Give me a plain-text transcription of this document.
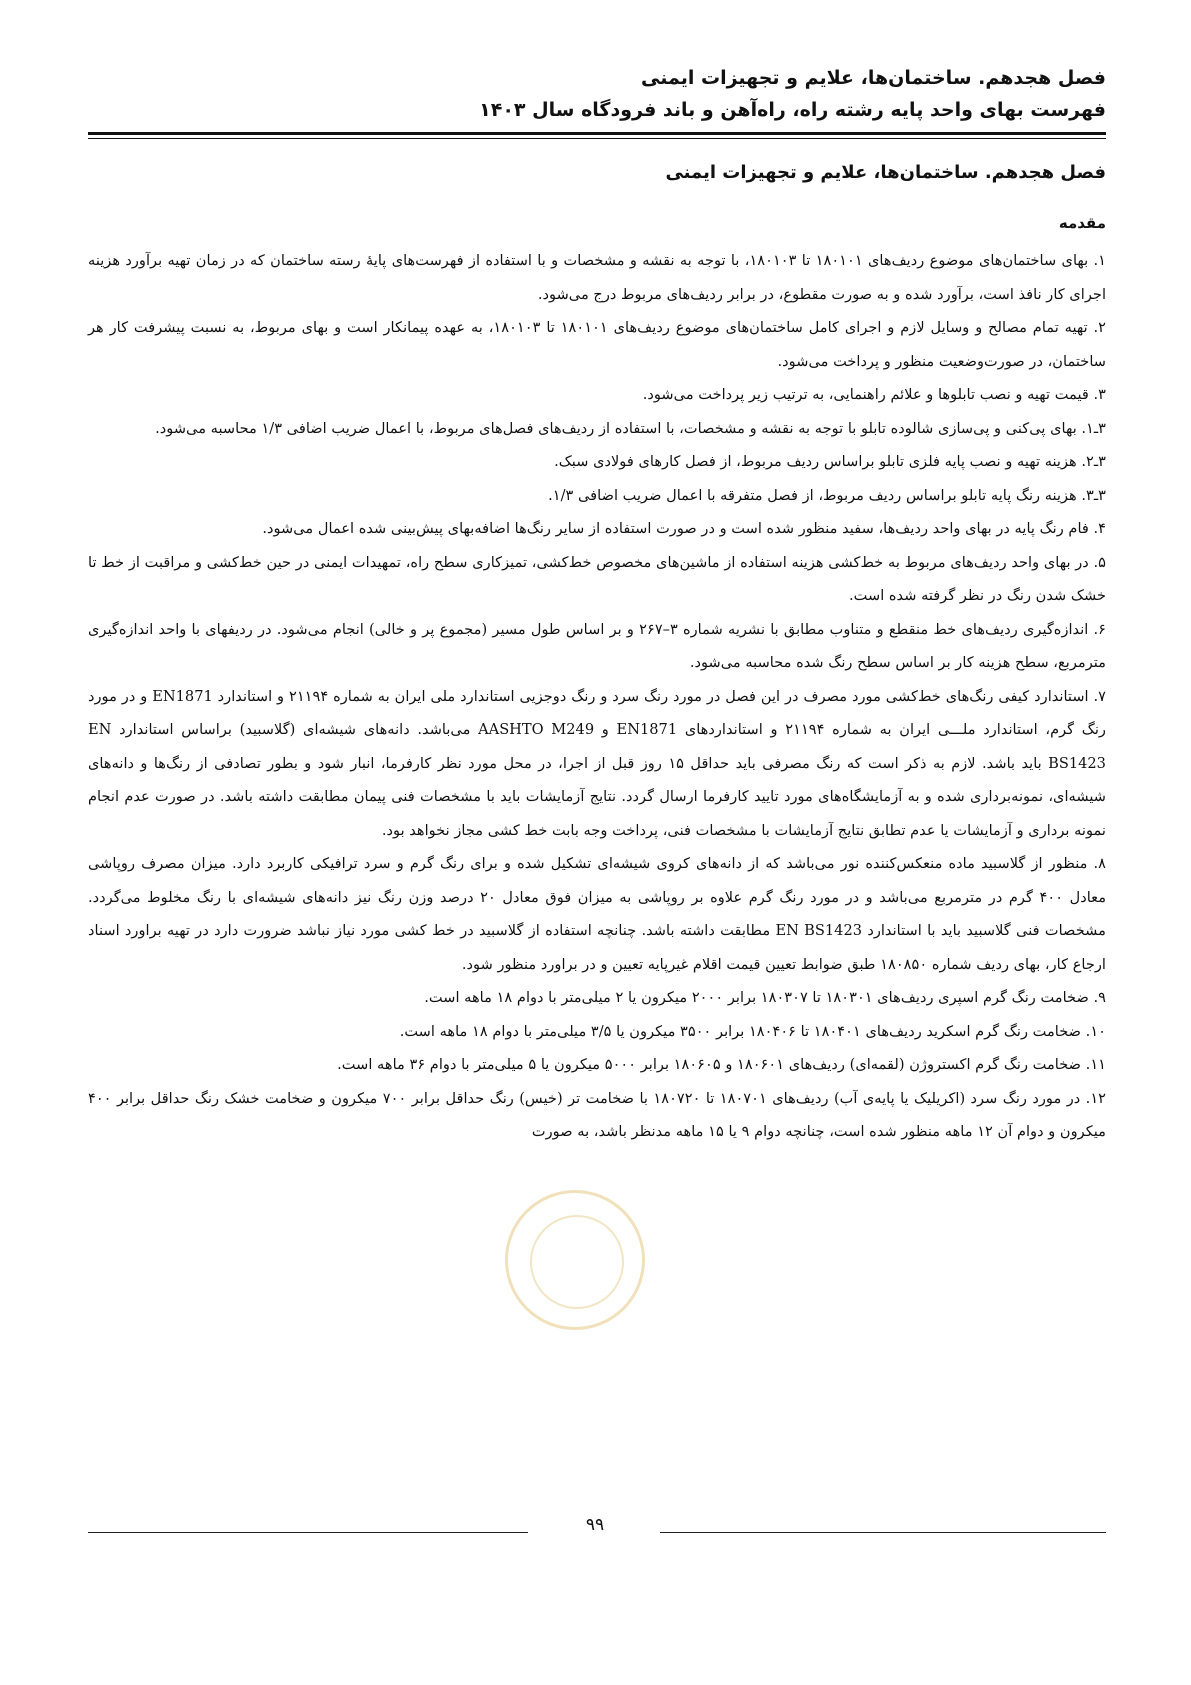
فصل هجدهم. ساختمان‌ها، علایم و تجهیزات ایمنی
فهرست بهای واحد پایه رشته راه، راه‌آهن و باند فرودگاه سال ۱۴۰۳
فصل هجدهم. ساختمان‌ها، علایم و تجهیزات ایمنی
مقدمه

۱. بهای ساختمان‌های موضوع ردیف‌های ۱۸۰۱۰۱ تا ۱۸۰۱۰۳، با توجه به نقشه و مشخصات و با استفاده از فهرست‌های پایهٔ رسته ساختمان که در زمان تهیه برآورد هزینه اجرای کار نافذ است، برآورد شده و به صورت مقطوع، در برابر ردیف‌های مربوط درج می‌شود.

۲. تهیه تمام مصالح و وسایل لازم و اجرای کامل ساختمان‌های موضوع ردیف‌های ۱۸۰۱۰۱ تا ۱۸۰۱۰۳، به عهده پیمانکار است و بهای مربوط، به نسبت پیشرفت کار هر ساختمان، در صورت‌وضعیت منظور و پرداخت می‌شود.

۳. قیمت تهیه و نصب تابلوها و علائم راهنمایی، به ترتیب زیر پرداخت می‌شود.

۳ـ۱. بهای پی‌کنی و پی‌سازی شالوده تابلو با توجه به نقشه و مشخصات، با استفاده از ردیف‌های فصل‌های مربوط، با اعمال ضریب اضافی ۱/۳ محاسبه می‌شود.

۳ـ۲. هزینه تهیه و نصب پایه فلزی تابلو براساس ردیف مربوط، از فصل کارهای فولادی سبک.

۳ـ۳. هزینه رنگ پایه تابلو براساس ردیف مربوط، از فصل متفرقه با اعمال ضریب اضافی ۱/۳.

۴. فام رنگ پایه در بهای واحد ردیف‌ها، سفید منظور شده است و در صورت استفاده از سایر رنگ‌ها اضافه‌بهای پیش‌بینی شده اعمال می‌شود.

۵. در بهای واحد ردیف‌های مربوط به خط‌کشی هزینه استفاده از ماشین‌های مخصوص خط‌کشی، تمیزکاری سطح راه، تمهیدات ایمنی در حین خط‌کشی و مراقبت از خط تا خشک شدن رنگ در نظر گرفته شده است.

۶. اندازه‌گیری ردیف‌های خط منقطع و متناوب مطابق با نشریه شماره ۳–۲۶۷ و بر اساس طول مسیر (مجموع پر و خالی) انجام می‌شود. در ردیفهای با واحد اندازه‌گیری مترمربع، سطح هزینه کار بر اساس سطح رنگ شده محاسبه می‌شود.

۷. استاندارد کیفی رنگ‌های خط‌کشی مورد مصرف در این فصل در مورد رنگ سرد و رنگ دوجزیی استاندارد ملی ایران به شماره ۲۱۱۹۴ و استاندارد EN1871 و در مورد رنگ گرم، استاندارد ملـــی ایران به شماره ۲۱۱۹۴ و استانداردهای EN1871 و AASHTO M249 می‌باشد. دانه‌های شیشه‌ای (گلاسبید) براساس استاندارد EN BS1423 باید باشد. لازم به ذکر است که رنگ مصرفی باید حداقل ۱۵ روز قبل از اجرا، در محل مورد نظر کارفرما، انبار شود و بطور تصادفی از رنگ‌ها و دانه‌های شیشه‌ای، نمونه‌برداری شده و به آزمایشگاه‌های مورد تایید کارفرما ارسال گردد. نتایج آزمایشات باید با مشخصات فنی پیمان مطابقت داشته باشد. در صورت عدم انجام نمونه برداری و آزمایشات یا عدم تطابق نتایج آزمایشات با مشخصات فنی، پرداخت وجه بابت خط کشی مجاز نخواهد بود.

۸. منظور از گلاسبید ماده منعکس‌کننده نور می‌باشد که از دانه‌های کروی شیشه‌ای تشکیل شده و برای رنگ گرم و سرد ترافیکی کاربرد دارد. میزان مصرف روپاشی معادل ۴۰۰ گرم در مترمربع می‌باشد و در مورد رنگ گرم علاوه بر روپاشی به میزان فوق معادل ۲۰ درصد وزن رنگ نیز دانه‌های شیشه‌ای با رنگ مخلوط می‌گردد. مشخصات فنی گلاسبید باید با استاندارد EN BS1423 مطابقت داشته باشد. چنانچه استفاده از گلاسبید در خط کشی مورد نیاز نباشد ضرورت دارد در تهیه براورد اسناد ارجاع کار، بهای ردیف شماره ۱۸۰۸۵۰ طبق ضوابط تعیین قیمت اقلام غیرپایه تعیین و در براورد منظور شود.

۹. ضخامت رنگ گرم اسپری ردیف‌های ۱۸۰۳۰۱ تا ۱۸۰۳۰۷ برابر ۲۰۰۰ میکرون یا ۲ میلی‌متر با دوام ۱۸ ماهه است.

۱۰. ضخامت رنگ گرم اسکرید ردیف‌های ۱۸۰۴۰۱ تا ۱۸۰۴۰۶ برابر ۳۵۰۰ میکرون یا ۳/۵ میلی‌متر با دوام ۱۸ ماهه است.

۱۱. ضخامت رنگ گرم اکستروژن (لقمه‌ای) ردیف‌های ۱۸۰۶۰۱ و ۱۸۰۶۰۵ برابر ۵۰۰۰ میکرون یا ۵ میلی‌متر با دوام ۳۶ ماهه است.

۱۲. در مورد رنگ سرد (اکریلیک یا پایه‌ی آب) ردیف‌های ۱۸۰۷۰۱ تا ۱۸۰۷۲۰ با ضخامت تر (خیس) رنگ حداقل برابر ۷۰۰ میکرون و ضخامت خشک رنگ حداقل برابر ۴۰۰ میکرون و دوام آن ۱۲ ماهه منظور شده است، چنانچه دوام ۹ یا ۱۵ ماهه مدنظر باشد، به صورت

۹۹
